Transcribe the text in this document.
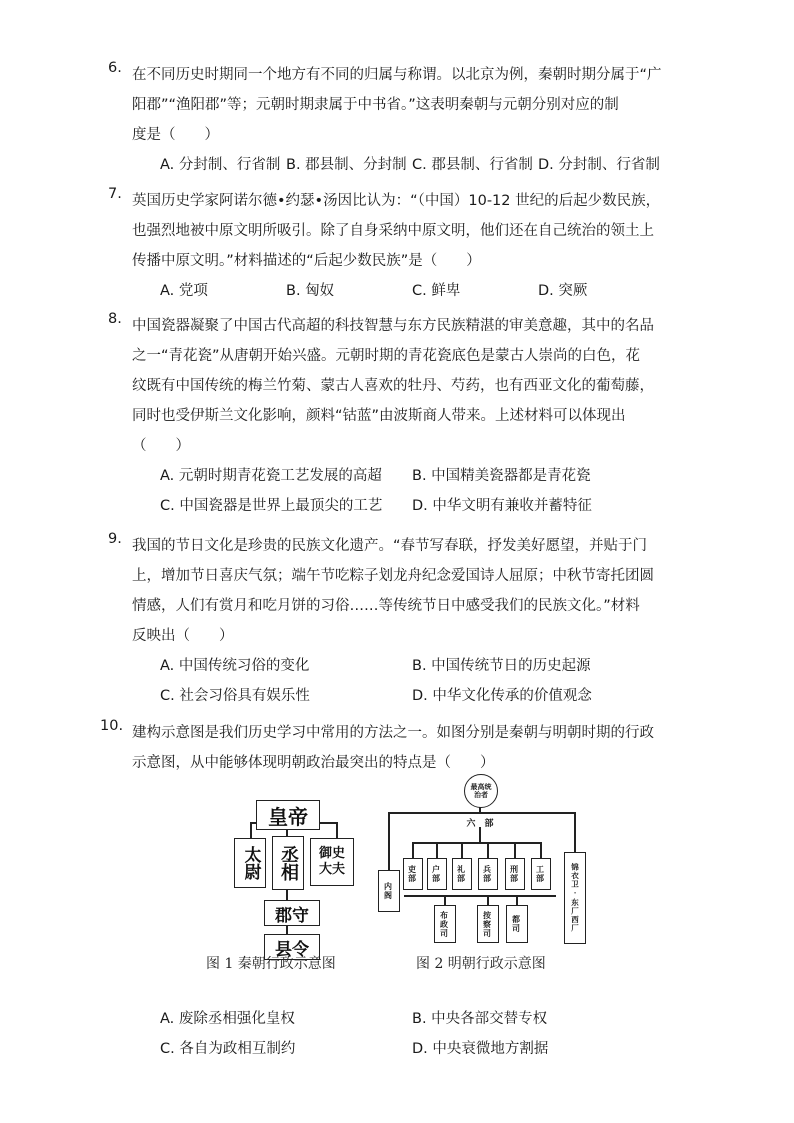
6. 在不同历史时期同一个地方有不同的归属与称谓。以北京为例，秦朝时期分属于“广
阳郡”“渔阳郡”等；元朝时期隶属于中书省。”这表明秦朝与元朝分别对应的制
度是（　　）
A. 分封制、行省制 B. 郡县制、分封制 C. 郡县制、行省制 D. 分封制、行省制
7. 英国历史学家阿诺尔德•约瑟•汤因比认为：“（中国）10-12 世纪的后起少数民族，
也强烈地被中原文明所吸引。除了自身采纳中原文明，他们还在自己统治的领土上
传播中原文明。”材料描述的“后起少数民族”是（　　）
A. 党项	B. 匈奴	C. 鲜卑	D. 突厥
8. 中国瓷器凝聚了中国古代高超的科技智慧与东方民族精湛的审美意趣，其中的名品
之一“青花瓷”从唐朝开始兴盛。元朝时期的青花瓷底色是蒙古人崇尚的白色，花
纹既有中国传统的梅兰竹菊、蒙古人喜欢的牡丹、芍药，也有西亚文化的葡萄藤，
同时也受伊斯兰文化影响，颜料“钴蓝”由波斯商人带来。上述材料可以体现出
（　　）
A. 元朝时期青花瓷工艺发展的高超 B. 中国精美瓷器都是青花瓷
C. 中国瓷器是世界上最顶尖的工艺 D. 中华文明有兼收并蓄特征
9. 我国的节日文化是珍贵的民族文化遗产。“春节写春联，抒发美好愿望，并贴于门
上，增加节日喜庆气氛；端午节吃粽子划龙舟纪念爱国诗人屈原；中秋节寄托团圆
情感，人们有赏月和吃月饼的习俗……等传统节日中感受我们的民族文化。”材料
反映出（　　）
A. 中国传统习俗的变化	B. 中国传统节日的历史起源
C. 社会习俗具有娱乐性	D. 中华文化传承的价值观念
10. 建构示意图是我们历史学习中常用的方法之一。如图分别是秦朝与明朝时期的行政
示意图，从中能够体现明朝政治最突出的特点是（　　）
皇帝
太尉 丞相	御史大夫
郡守
县令
图 1 秦朝行政示意图
最高统治者
六　部
内阁
吏部 户部 礼部 兵部 刑部 工部
布政司	按察司 都司	锦衣卫·东厂西厂
图 2 明朝行政示意图
A. 废除丞相强化皇权	B. 中央各部交替专权
C. 各自为政相互制约	D. 中央衰微地方割据
